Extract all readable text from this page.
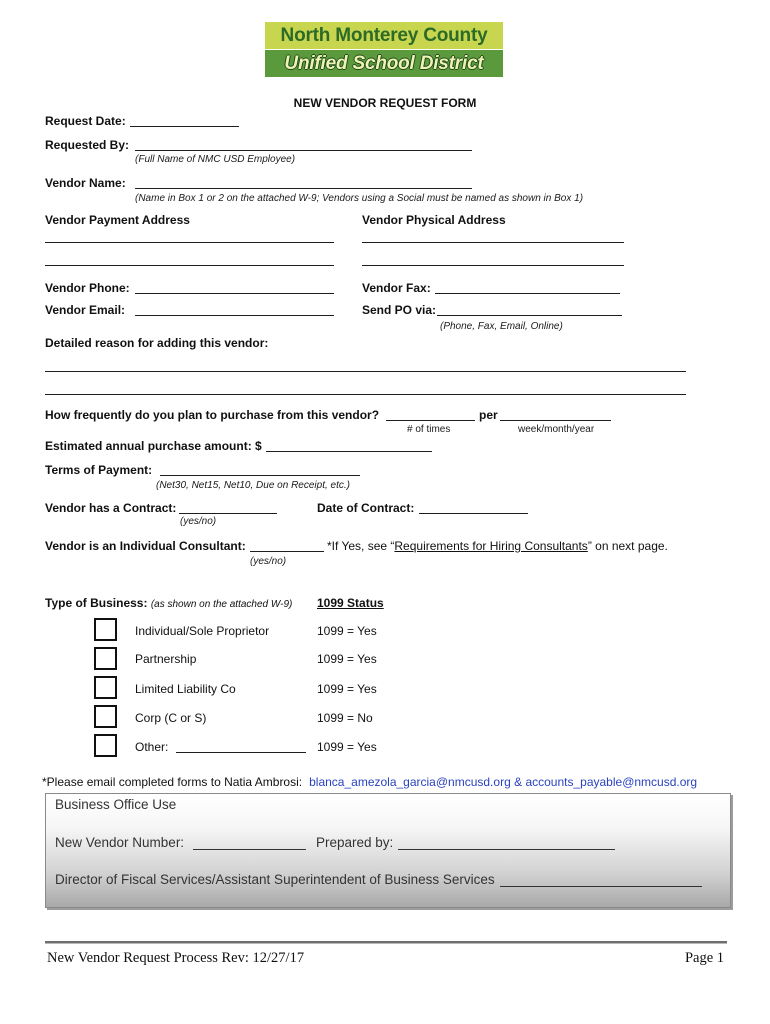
North Monterey County
Unified School District
NEW VENDOR REQUEST FORM
Request Date:
Requested By:
(Full Name of NMC USD Employee)
Vendor Name:
(Name in Box 1 or 2 on the attached W-9; Vendors using a Social must be named as shown in Box 1)
Vendor Payment Address	Vendor Physical Address
Vendor Phone:	Vendor Fax:
Vendor Email:	Send PO via:
(Phone, Fax, Email, Online)
Detailed reason for adding this vendor:
How frequently do you plan to purchase from this vendor?	per
# of times	week/month/year
Estimated annual purchase amount: $
Terms of Payment:
(Net30, Net15, Net10, Due on Receipt, etc.)
Vendor has a Contract:	Date of Contract:
(yes/no)
Vendor is an Individual Consultant:	*If Yes, see “Requirements for Hiring Consultants” on next page.
(yes/no)
Type of Business: (as shown on the attached W-9) 1099 Status
Individual/Sole Proprietor	1099 = Yes
Partnership	1099 = Yes
Limited Liability Co	1099 = Yes
Corp (C or S)	1099 = No
Other:	1099 = Yes
*Please email completed forms to Natia Ambrosi: blanca_amezola_garcia@nmcusd.org & accounts_payable@nmcusd.org
Business Office Use
New Vendor Number:	Prepared by:
Director of Fiscal Services/Assistant Superintendent of Business Services
New Vendor Request Process Rev: 12/27/17	Page 1
